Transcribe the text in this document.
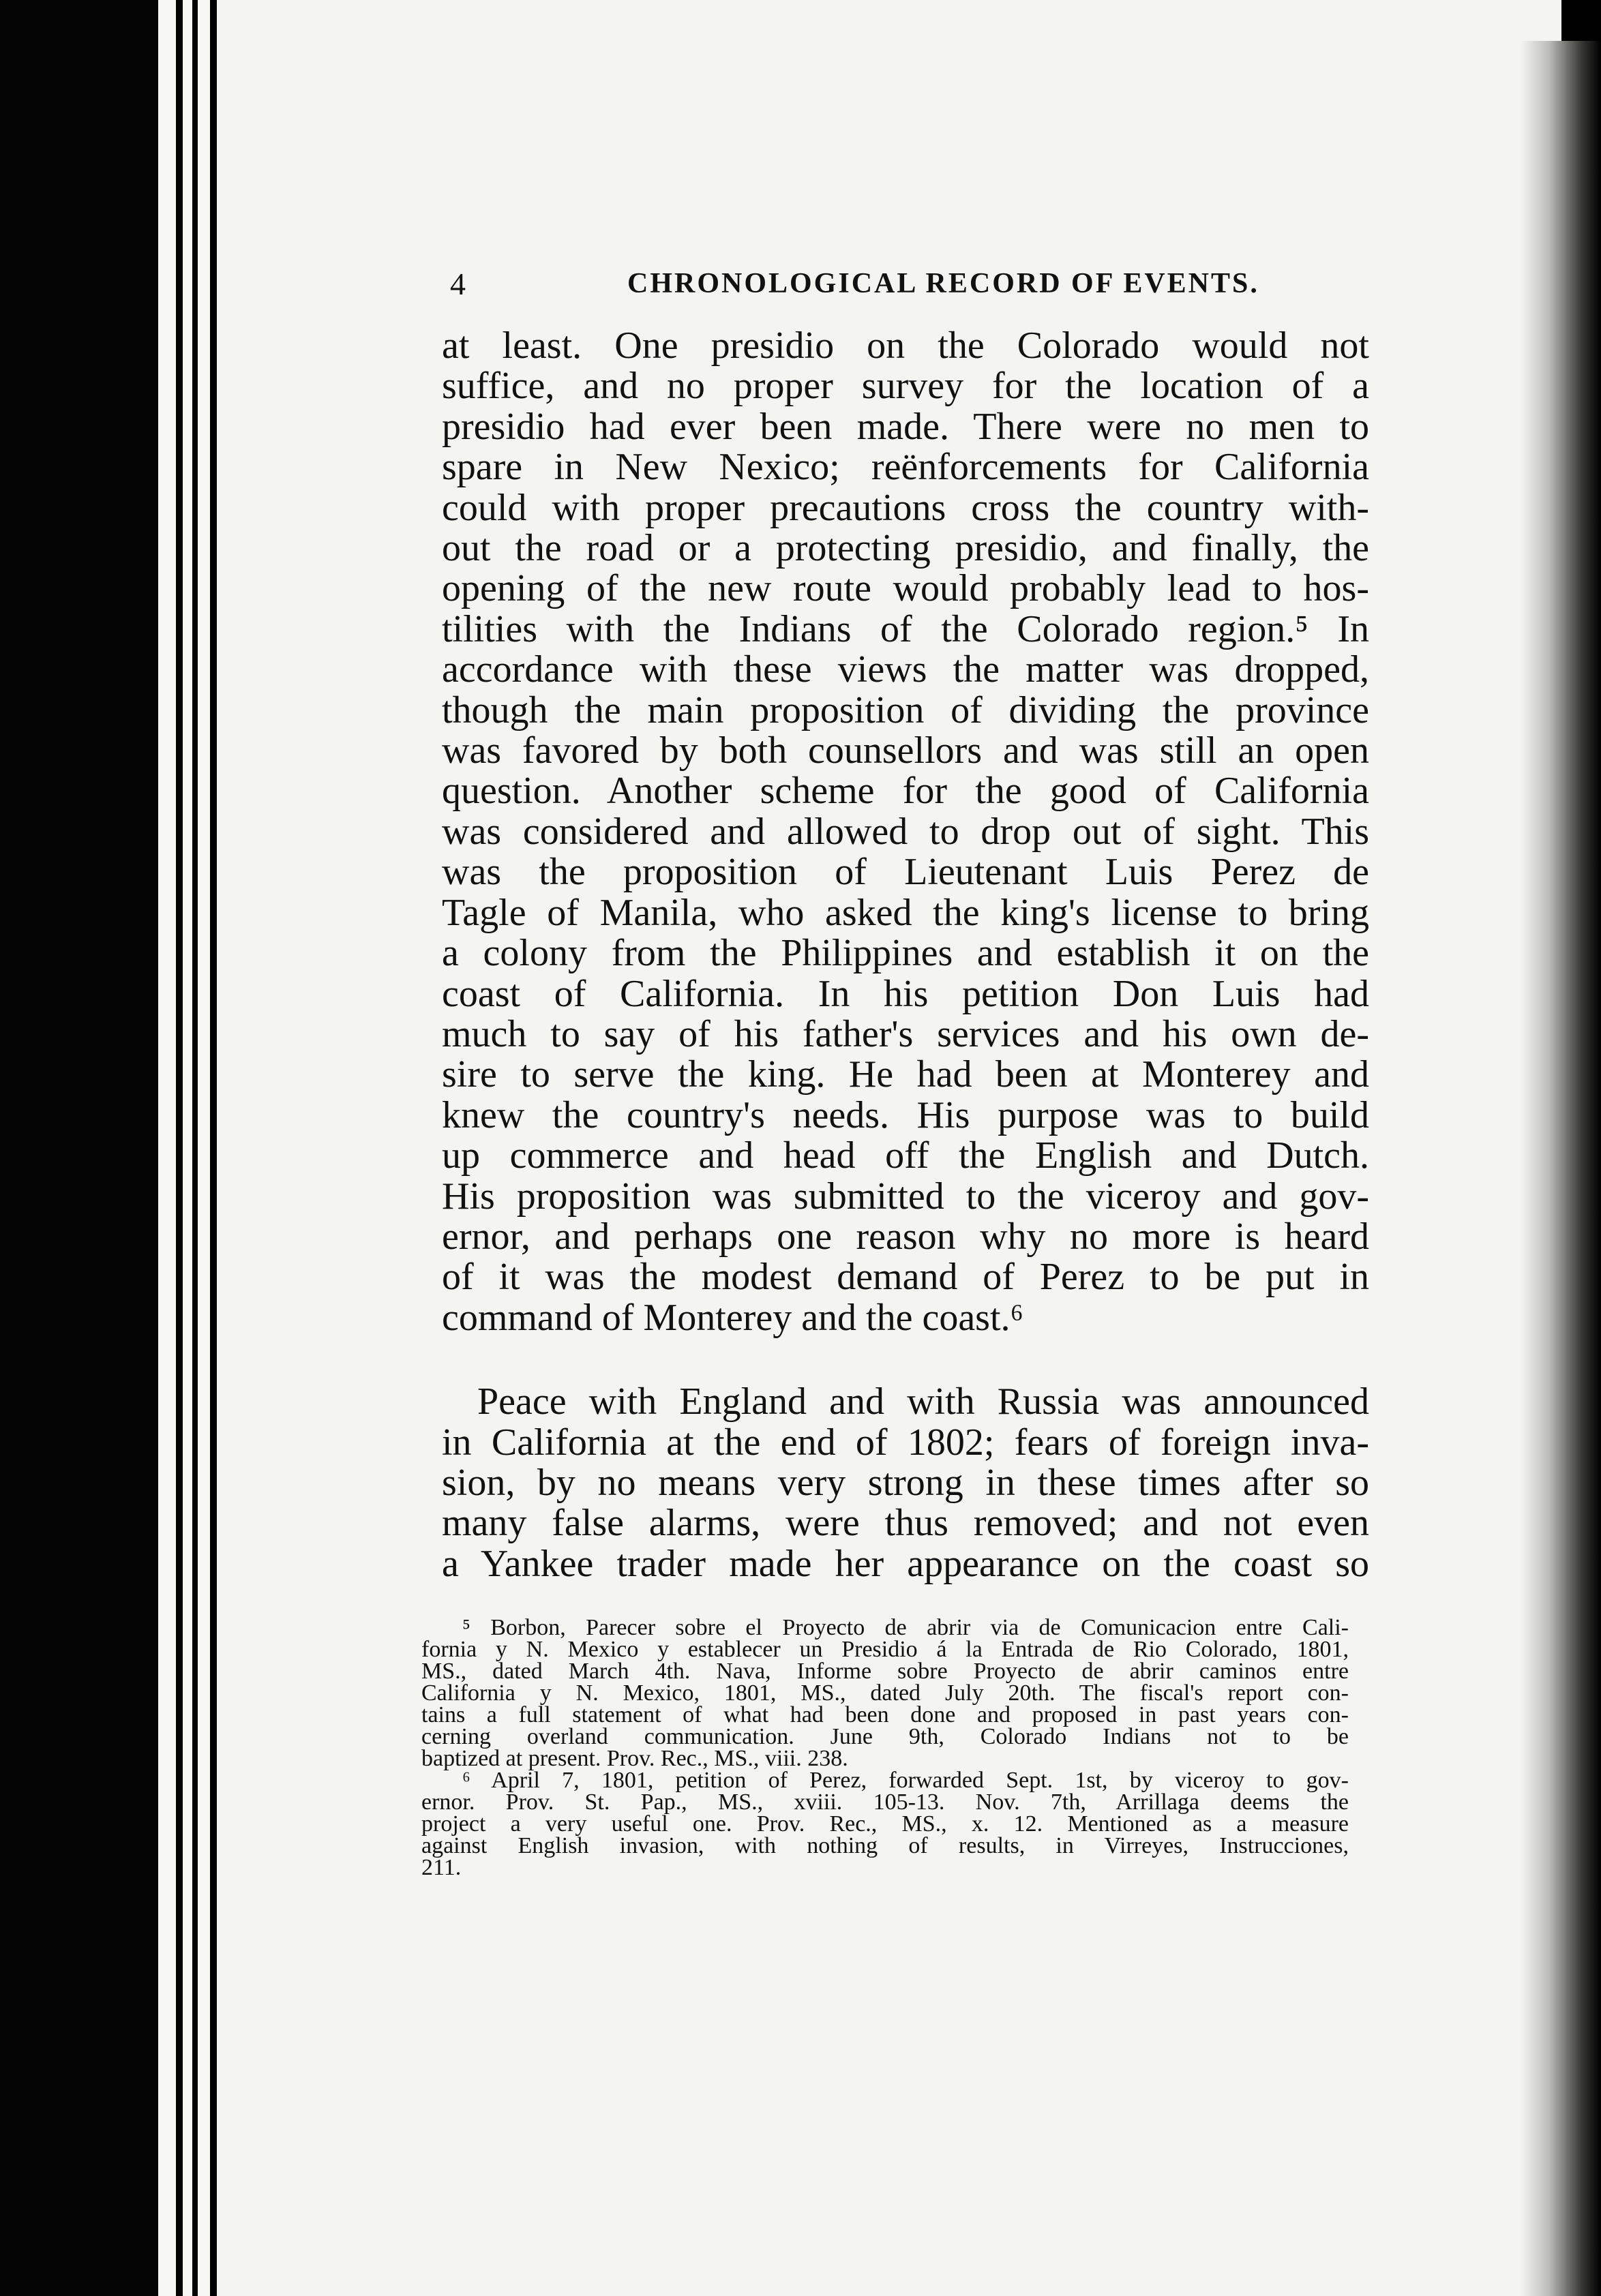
4	CHRONOLOGICAL RECORD OF EVENTS.
at least. One presidio on the Colorado would not
suffice, and no proper survey for the location of a
presidio had ever been made. There were no men to
spare in New Nexico; reënforcements for California
could with proper precautions cross the country with-
out the road or a protecting presidio, and finally, the
opening of the new route would probably lead to hos-
tilities with the Indians of the Colorado region.⁵ In
accordance with these views the matter was dropped,
though the main proposition of dividing the province
was favored by both counsellors and was still an open
question. Another scheme for the good of California
was considered and allowed to drop out of sight. This
was the proposition of Lieutenant Luis Perez de
Tagle of Manila, who asked the king's license to bring
a colony from the Philippines and establish it on the
coast of California. In his petition Don Luis had
much to say of his father's services and his own de-
sire to serve the king. He had been at Monterey and
knew the country's needs. His purpose was to build
up commerce and head off the English and Dutch.
His proposition was submitted to the viceroy and gov-
ernor, and perhaps one reason why no more is heard
of it was the modest demand of Perez to be put in
command of Monterey and the coast.⁶
Peace with England and with Russia was announced
in California at the end of 1802; fears of foreign inva-
sion, by no means very strong in these times after so
many false alarms, were thus removed; and not even
a Yankee trader made her appearance on the coast so
⁵ Borbon, Parecer sobre el Proyecto de abrir via de Comunicacion entre Cali-
fornia y N. Mexico y establecer un Presidio á la Entrada de Rio Colorado, 1801,
MS., dated March 4th. Nava, Informe sobre Proyecto de abrir caminos entre
California y N. Mexico, 1801, MS., dated July 20th. The fiscal's report con-
tains a full statement of what had been done and proposed in past years con-
cerning overland communication. June 9th, Colorado Indians not to be
baptized at present. Prov. Rec., MS., viii. 238.
⁶ April 7, 1801, petition of Perez, forwarded Sept. 1st, by viceroy to gov-
ernor. Prov. St. Pap., MS., xviii. 105-13. Nov. 7th, Arrillaga deems the
project a very useful one. Prov. Rec., MS., x. 12. Mentioned as a measure
against English invasion, with nothing of results, in Virreyes, Instrucciones,
211.
